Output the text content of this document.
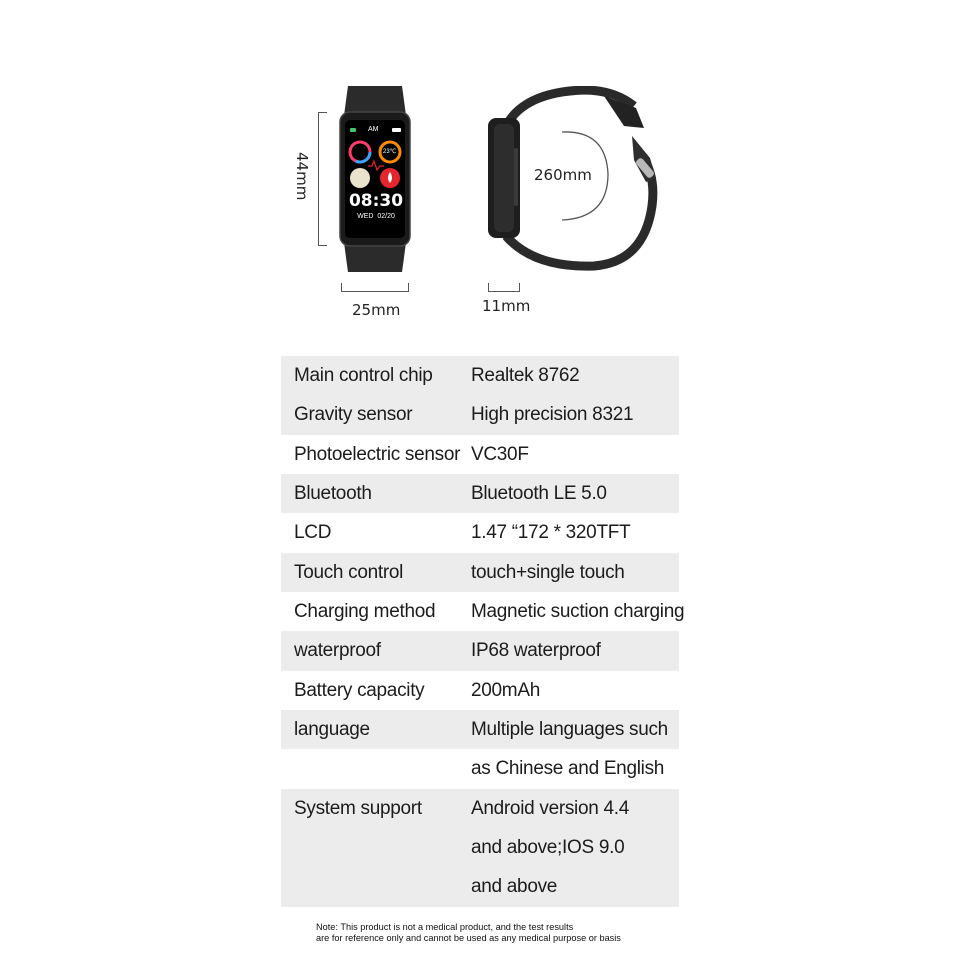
44mm
AM
23℃
08:30
WED  02/20
25mm
260mm
11mm
Main control chip Realtek 8762
Gravity sensor	High precision 8321
Photoelectric sensor VC30F
Bluetooth	Bluetooth LE 5.0
LCD	1.47 “172 * 320TFT
Touch control	touch+single touch
Charging method Magnetic suction charging
waterproof	IP68 waterproof
Battery capacity 200mAh
language	Multiple languages such
as Chinese and English
System support	Android version 4.4
and above;IOS 9.0
and above
Note: This product is not a medical product, and the test results
are for reference only and cannot be used as any medical purpose or basis
